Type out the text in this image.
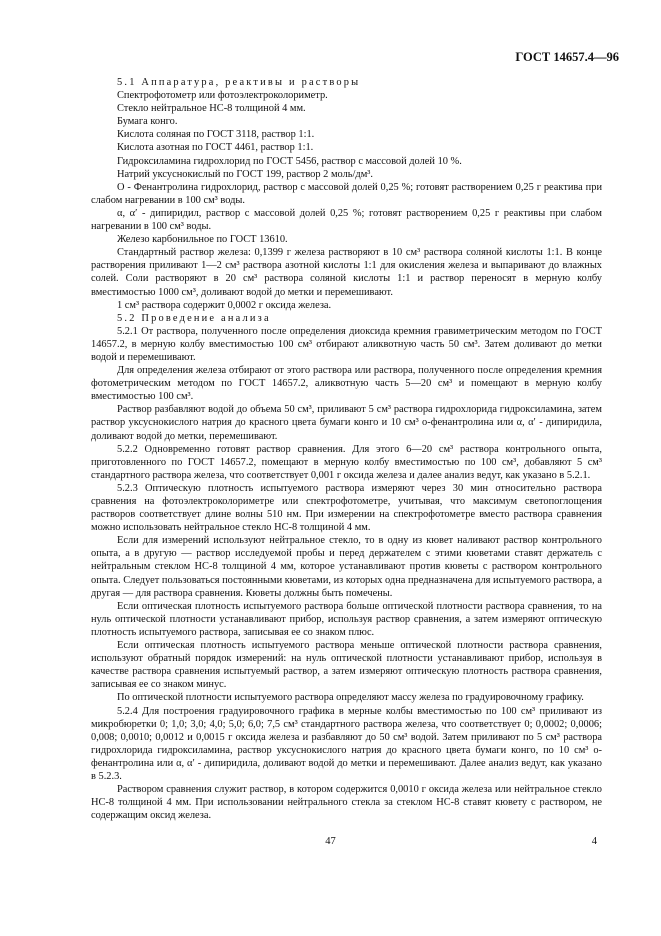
ГОСТ 14657.4—96

5.1 Аппаратура, реактивы и растворы

Спектрофотометр или фотоэлектроколориметр.

Стекло нейтральное НС-8 толщиной 4 мм.

Бумага конго.

Кислота соляная по ГОСТ 3118, раствор 1:1.

Кислота азотная по ГОСТ 4461, раствор 1:1.

Гидроксиламина гидрохлорид по ГОСТ 5456, раствор с массовой долей 10 %.

Натрий уксуснокислый по ГОСТ 199, раствор 2 моль/дм³.

О - Фенантролина гидрохлорид, раствор с массовой долей 0,25 %; готовят растворением 0,25 г реактива при слабом нагревании в 100 см³ воды.

α, α′ - дипиридил, раствор с массовой долей 0,25 %; готовят растворением 0,25 г реактивы при слабом нагревании в 100 см³ воды.

Железо карбонильное по ГОСТ 13610.

Стандартный раствор железа: 0,1399 г железа растворяют в 10 см³ раствора соляной кислоты 1:1. В конце растворения приливают 1—2 см³ раствора азотной кислоты 1:1 для окисления железа и выпаривают до влажных солей. Соли растворяют в 20 см³ раствора соляной кислоты 1:1 и раствор переносят в мерную колбу вместимостью 1000 см³, доливают водой до метки и перемешивают.

1 см³ раствора содержит 0,0002 г оксида железа.

5.2 Проведение анализа

5.2.1 От раствора, полученного после определения диоксида кремния гравиметрическим методом по ГОСТ 14657.2, в мерную колбу вместимостью 100 см³ отбирают аликвотную часть 50 см³. Затем доливают до метки водой и перемешивают.

Для определения железа отбирают от этого раствора или раствора, полученного после определения кремния фотометрическим методом по ГОСТ 14657.2, аликвотную часть 5—20 см³ и помещают в мерную колбу вместимостью 100 см³.

Раствор разбавляют водой до объема 50 см³, приливают 5 см³ раствора гидрохлорида гидроксиламина, затем раствор уксуснокислого натрия до красного цвета бумаги конго и 10 см³ о-фенантролина или α, α′ - дипиридила, доливают водой до метки, перемешивают.

5.2.2 Одновременно готовят раствор сравнения. Для этого 6—20 см³ раствора контрольного опыта, приготовленного по ГОСТ 14657.2, помещают в мерную колбу вместимостью по 100 см³, добавляют 5 см³ стандартного раствора железа, что соответствует 0,001 г оксида железа и далее анализ ведут, как указано в 5.2.1.

5.2.3 Оптическую плотность испытуемого раствора измеряют через 30 мин относительно раствора сравнения на фотоэлектроколориметре или спектрофотометре, учитывая, что максимум светопоглощения растворов соответствует длине волны 510 нм. При измерении на спектрофотометре вместо раствора сравнения можно использовать нейтральное стекло НС-8 толщиной 4 мм.

Если для измерений используют нейтральное стекло, то в одну из кювет наливают раствор контрольного опыта, а в другую — раствор исследуемой пробы и перед держателем с этими кюветами ставят держатель с нейтральным стеклом НС-8 толщиной 4 мм, которое устанавливают против кюветы с раствором контрольного опыта. Следует пользоваться постоянными кюветами, из которых одна предназначена для испытуемого раствора, а другая — для раствора сравнения. Кюветы должны быть помечены.

Если оптическая плотность испытуемого раствора больше оптической плотности раствора сравнения, то на нуль оптической плотности устанавливают прибор, используя раствор сравнения, а затем измеряют оптическую плотность испытуемого раствора, записывая ее со знаком плюс.

Если оптическая плотность испытуемого раствора меньше оптической плотности раствора сравнения, используют обратный порядок измерений: на нуль оптической плотности устанавливают прибор, используя в качестве раствора сравнения испытуемый раствор, а затем измеряют оптическую плотность раствора сравнения, записывая ее со знаком минус.

По оптической плотности испытуемого раствора определяют массу железа по градуировочному графику.

5.2.4 Для построения градуировочного графика в мерные колбы вместимостью по 100 см³ приливают из микробюретки 0; 1,0; 3,0; 4,0; 5,0; 6,0; 7,5 см³ стандартного раствора железа, что соответствует 0; 0,0002; 0,0006; 0,008; 0,0010; 0,0012 и 0,0015 г оксида железа и разбавляют до 50 см³ водой. Затем приливают по 5 см³ раствора гидрохлорида гидроксиламина, раствор уксуснокислого натрия до красного цвета бумаги конго, по 10 см³ о-фенантролина или α, α′ - дипиридила, доливают водой до метки и перемешивают. Далее анализ ведут, как указано в 5.2.3.

Раствором сравнения служит раствор, в котором содержится 0,0010 г оксида железа или нейтральное стекло НС-8 толщиной 4 мм. При использовании нейтрального стекла за стеклом НС-8 ставят кювету с раствором, не содержащим оксид железа.

47	4
